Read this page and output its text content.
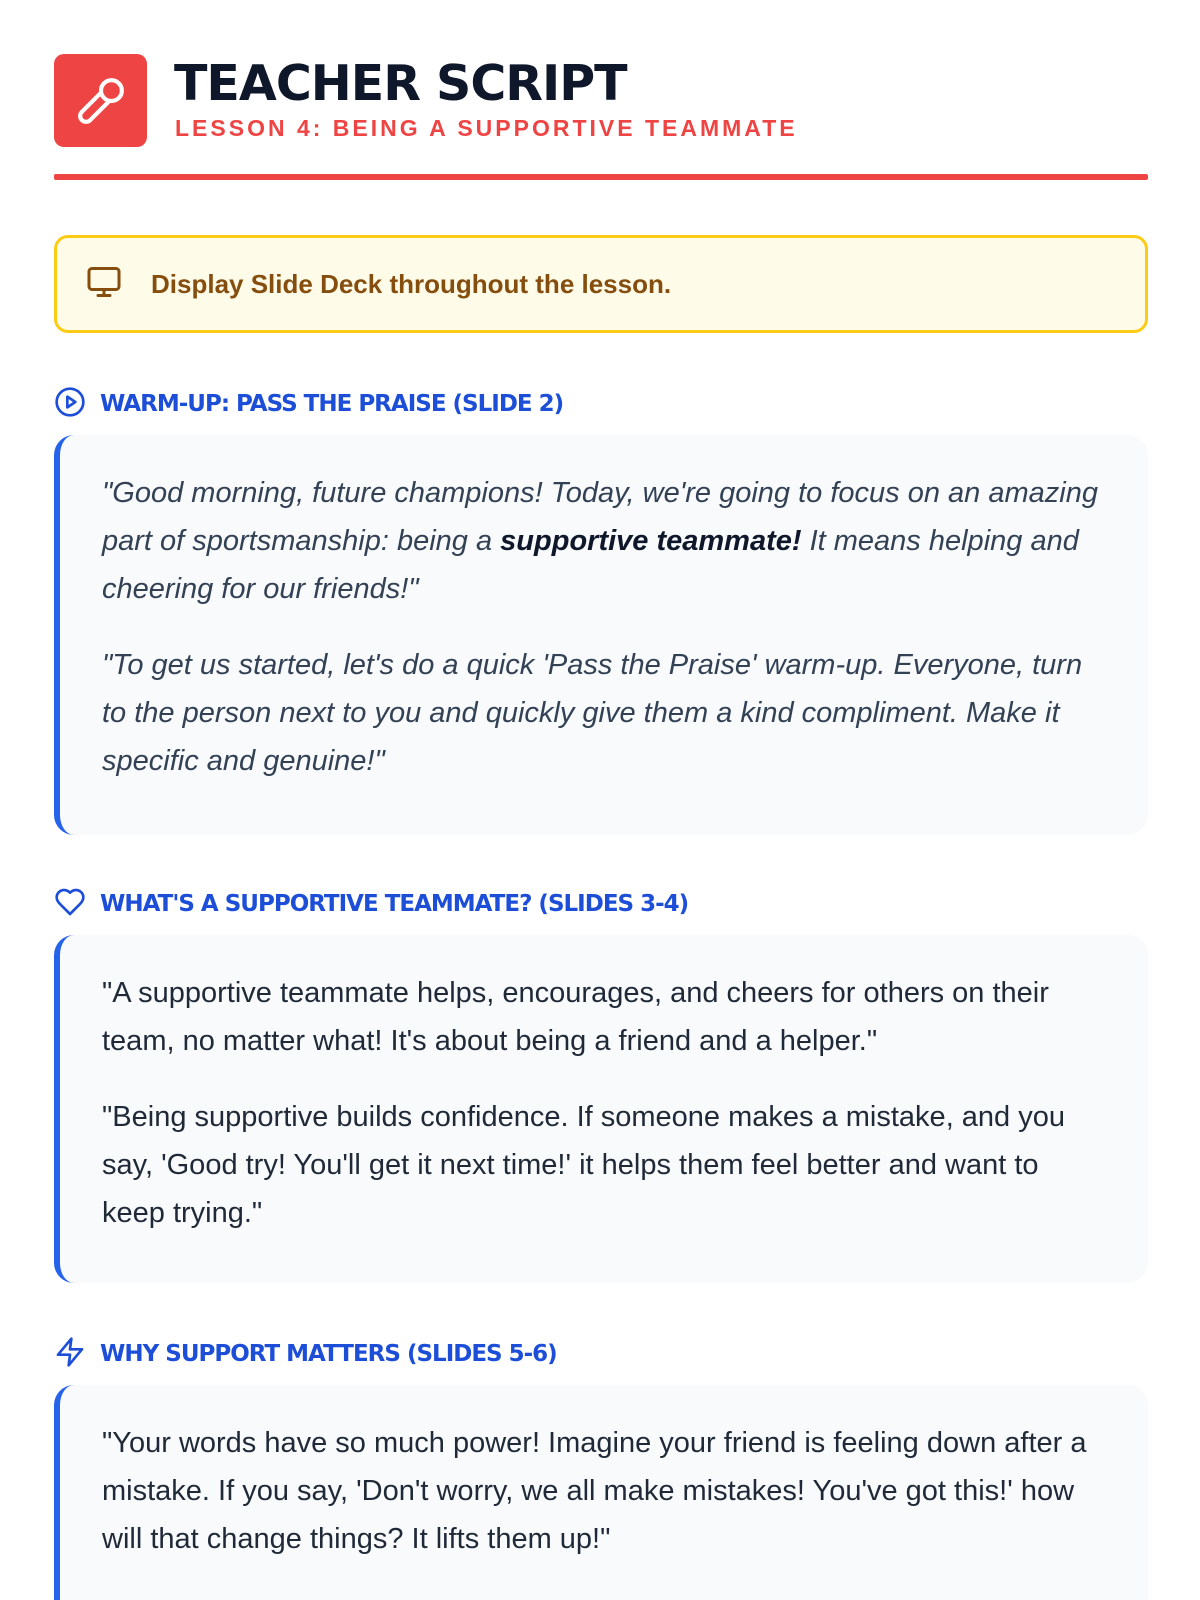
TEACHER SCRIPT
LESSON 4: BEING A SUPPORTIVE TEAMMATE
Display Slide Deck throughout the lesson.
WARM-UP: PASS THE PRAISE (SLIDE 2)

"Good morning, future champions! Today, we're going to focus on an amazing part of sportsmanship: being a supportive teammate! It means helping and cheering for our friends!"

"To get us started, let's do a quick 'Pass the Praise' warm-up. Everyone, turn to the person next to you and quickly give them a kind compliment. Make it specific and genuine!"

WHAT'S A SUPPORTIVE TEAMMATE? (SLIDES 3-4)

"A supportive teammate helps, encourages, and cheers for others on their team, no matter what! It's about being a friend and a helper."

"Being supportive builds confidence. If someone makes a mistake, and you say, 'Good try! You'll get it next time!' it helps them feel better and want to keep trying."

WHY SUPPORT MATTERS (SLIDES 5-6)

"Your words have so much power! Imagine your friend is feeling down after a mistake. If you say, 'Don't worry, we all make mistakes! You've got this!' how will that change things? It lifts them up!"
